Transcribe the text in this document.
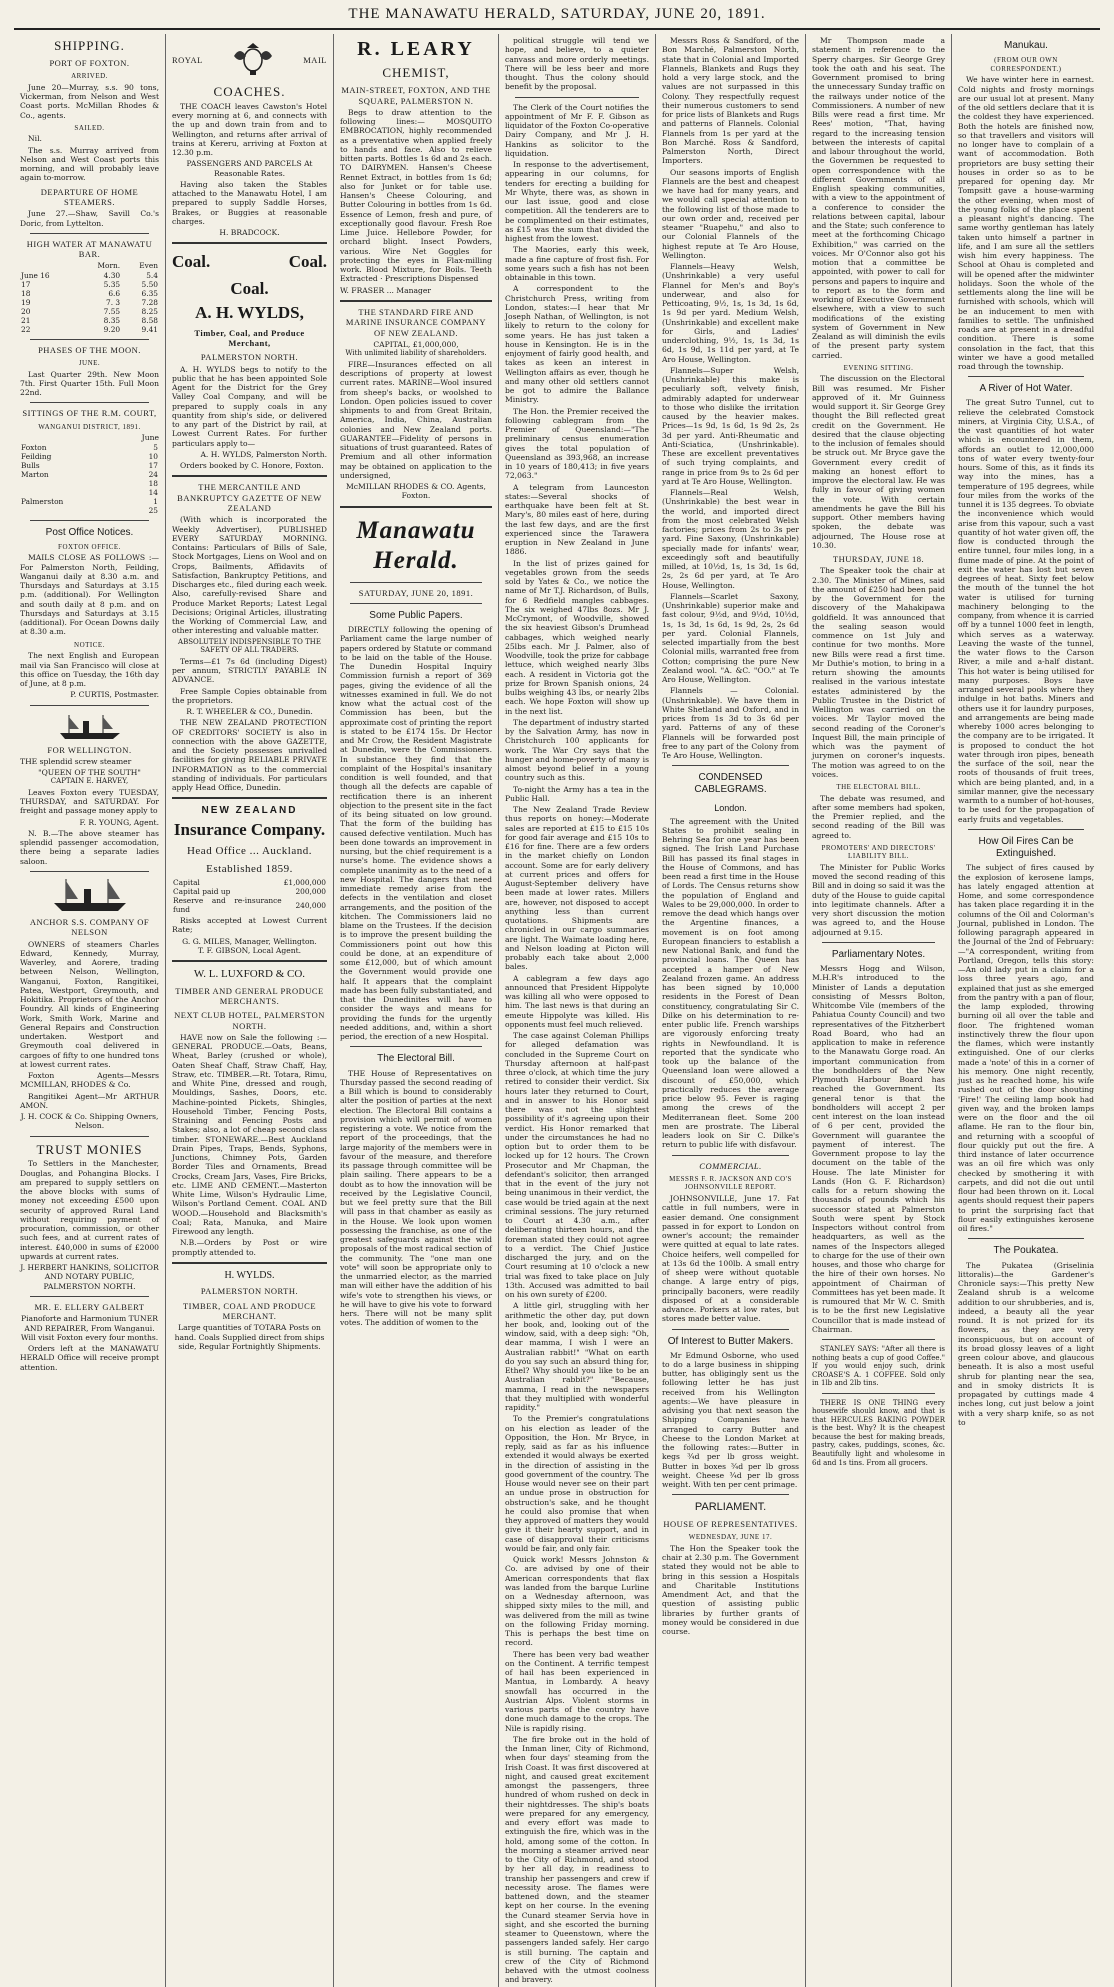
THE MANAWATU HERALD, SATURDAY, JUNE 20, 1891.
SHIPPING.
PORT OF FOXTON.
ARRIVED.

June 20—Murray, s.s. 90 tons, Vickerman, from Nelson and West Coast ports. McMillan Rhodes & Co., agents.

SAILED.

Nil.

The s.s. Murray arrived from Nelson and West Coast ports this morning, and will probably leave again to-morrow.

DEPARTURE OF HOME STEAMERS.

June 27.—Shaw, Savill Co.'s Doric, from Lyttelton.

HIGH WATER AT MANAWATU BAR.
	Morn.	Even
June 16	4.30	5.4
17	5.35	5.50
18	6.6	6.35
19	7. 3	7.28
20	7.55	8.25
21	8.35	8.58
22	9.20	9.41
PHASES OF THE MOON.
JUNE.

Last Quarter 29th. New Moon 7th. First Quarter 15th. Full Moon 22nd.

SITTINGS OF THE R.M. COURT,
WANGANUI DISTRICT, 1891.
June
Foxton	5
Feilding	10
Bulls	17
Marton	24
	18
	14
Palmerston	1
	25
Post Office Notices.
FOXTON OFFICE.

MAILS CLOSE AS FOLLOWS :— For Palmerston North, Feilding, Wanganui daily at 8.30 a.m. and Thursdays and Saturdays at 3.15 p.m. (additional). For Wellington and south daily at 8 p.m. and on Thursdays and Saturdays at 3.15 (additional). For Ocean Downs daily at 8.30 a.m.

NOTICE.

The next English and European mail via San Francisco will close at this office on Tuesday, the 16th day of June, at 8 p.m.

P. CURTIS, Postmaster.
FOR WELLINGTON.

THE splendid screw steamer

"QUEEN OF THE SOUTH"
CAPTAIN E. HARVEY,

Leaves Foxton every TUESDAY, THURSDAY, and SATURDAY. For freight and passage money apply to

F. R. YOUNG, Agent.

N. B.—The above steamer has splendid passenger accomodation, there being a separate ladies saloon.

ANCHOR S.S. COMPANY OF NELSON

OWNERS of steamers Charles Edward, Kennedy, Murray, Waverley, and Aorere, trading between Nelson, Wellington, Wanganui, Foxton, Rangitikei, Patea, Westport, Greymouth, and Hokitika. Proprietors of the Anchor Foundry. All kinds of Engineering Work, Smith Work, Marine and General Repairs and Construction undertaken. Westport and Greymouth coal delivered in cargoes of fifty to one hundred tons at lowest current rates.

Foxton Agents—Messrs MCMILLAN, RHODES & Co.

Rangitikei Agent—Mr ARTHUR AMON.

J. H. COCK & Co. Shipping Owners, Nelson.
TRUST MONIES

To Settlers in the Manchester, Douglas, and Pohangina Blocks. I am prepared to supply settlers on the above blocks with sums of money not exceeding £500 upon security of approved Rural Land without requiring payment of procuration, commission, or other such fees, and at current rates of interest. £40,000 in sums of £2000 upwards at current rates.

J. HERBERT HANKINS, SOLICITOR AND NOTARY PUBLIC, PALMERSTON NORTH.
MR. E. ELLERY GALBERT

Pianoforte and Harmonium TUNER AND REPAIRER, From Wanganui. Will visit Foxton every four months.

Orders left at the MANAWATU HERALD Office will receive prompt attention.

ROYAL	MAIL
COACHES.

THE COACH leaves Cawston's Hotel every morning at 6, and connects with the up and down train from and to Wellington, and returns after arrival of trains at Kereru, arriving at Foxton at 12.30 p.m.

PASSENGERS AND PARCELS At Reasonable Rates.

Having also taken the Stables attached to the Manawatu Hotel, I am prepared to supply Saddle Horses, Brakes, or Buggies at reasonable charges.

H. BRADCOCK.
Coal.	Coal.
Coal.
A. H. WYLDS,
Timber, Coal, and Produce Merchant,
PALMERSTON NORTH.

A. H. WYLDS begs to notify to the public that he has been appointed Sole Agent for the District for the Grey Valley Coal Company, and will be prepared to supply coals in any quantity from ship's side, or delivered to any part of the District by rail, at Lowest Current Rates. For further particulars apply to—

A. H. WYLDS, Palmerston North.

Orders booked by C. Honore, Foxton.

THE MERCANTILE AND BANKRUPTCY GAZETTE OF NEW ZEALAND

(With which is incorporated the Weekly Advertiser), PUBLISHED EVERY SATURDAY MORNING. Contains: Particulars of Bills of Sale, Stock Mortgages, Liens on Wool and on Crops, Bailments, Affidavits of Satisfaction, Bankruptcy Petitions, and Discharges etc., filed during each week. Also, carefully-revised Share and Produce Market Reports; Latest Legal Decisions; Original Articles, illustrating the Working of Commercial Law, and other interesting and valuable matter.

ABSOLUTELY INDISPENSIBLE TO THE SAFETY OF ALL TRADERS.

Terms—£1 7s 6d (including Digest) per annum, STRICTLY PAYABLE IN ADVANCE.

Free Sample Copies obtainable from the proprietors.

R. T. WHEELER & CO., Dunedin.

THE NEW ZEALAND PROTECTION OF CREDITORS' SOCIETY is also in connection with the above GAZETTE, and the Society possesses unrivalled facilities for giving RELIABLE PRIVATE INFORMATION as to the commercial standing of individuals. For particulars apply Head Office, Dunedin.

NEW ZEALAND
Insurance Company.
Head Office ... Auckland.
Established 1859.
Capital	£1,000,000
Capital paid up	200,000
Reserve and re-insurance fund	240,000

Risks accepted at Lowest Current Rate;

G. G. MILES, Manager, Wellington.
T. F. GIBSON, Local Agent.
W. L. LUXFORD & CO.
TIMBER AND GENERAL PRODUCE MERCHANTS.
NEXT CLUB HOTEL, PALMERSTON NORTH.

HAVE now on Sale the following :— GENERAL PRODUCE.—Oats, Beans, Wheat, Barley (crushed or whole), Oaten Sheaf Chaff, Straw Chaff, Hay, Straw, etc. TIMBER.—Rt. Totara, Rimu, and White Pine, dressed and rough, Mouldings, Sashes, Doors, etc. Machine-pointed Pickets, Shingles, Household Timber, Fencing Posts, Straining and Fencing Posts and Stakes; also, a lot of cheap second class timber. STONEWARE.—Best Auckland Drain Pipes, Traps, Bends, Syphons, Junctions, Chimney Pots, Garden Border Tiles and Ornaments, Bread Crocks, Cream Jars, Vases, Fire Bricks, etc. LIME AND CEMENT.—Masterton White Lime, Wilson's Hydraulic Lime, Wilson's Portland Cement. COAL AND WOOD.—Household and Blacksmith's Coal; Rata, Manuka, and Maire Firewood any length.

N.B.—Orders by Post or wire promptly attended to.

H. WYLDS.
PALMERSTON NORTH.
TIMBER, COAL AND PRODUCE MERCHANT.

Large quantities of TOTARA Posts on hand. Coals Supplied direct from ships side, Regular Fortnightly Shipments.

R. LEARY
CHEMIST,
MAIN-STREET, FOXTON, AND THE SQUARE, PALMERSTON N.

Begs to draw attention to the following lines:— MOSQUITO EMBROCATION, highly recommended as a preventative when applied freely to hands and face. Also to relieve bitten parts. Bottles 1s 6d and 2s each. TO DAIRYMEN. Hansen's Cheese Rennet Extract, in bottles from 1s 6d; also for Junket or for table use. Hansen's Cheese Colouring, and Butter Colouring in bottles from 1s 6d. Essence of Lemon, fresh and pure, of exceptionally good flavour. Fresh Roe Lime Juice. Hellebore Powder, for orchard blight. Insect Powders, various. Wire Net Goggles for protecting the eyes in Flax-milling work. Blood Mixture, for Boils. Teeth Extracted · Prescriptions Dispensed

W. FRASER ... Manager
THE STANDARD FIRE AND MARINE INSURANCE COMPANY OF NEW ZEALAND.
CAPITAL, £1,000,000,
With unlimited liability of shareholders.

FIRE—Insurances effected on all descriptions of property at lowest current rates. MARINE—Wool insured from sheep's backs, or woolshed to London. Open policies issued to cover shipments to and from Great Britain, America, India, China, Australian colonies and New Zealand ports. GUARANTEE—Fidelity of persons in situations of trust guaranteed. Rates of Premium and all other information may be obtained on application to the undersigned,

McMILLAN RHODES & CO. Agents, Foxton.
Manawatu Herald.
SATURDAY, JUNE 20, 1891.
Some Public Papers.

DIRECTLY following the opening of Parliament came the large number of papers ordered by Statute or command to be laid on the table of the House. The Dunedin Hospital Inquiry Commission furnish a report of 369 pages, giving the evidence of all the witnesses examined in full. We do not know what the actual cost of the Commission has been, but the approximate cost of printing the report is stated to be £174 15s. Dr Hector and Mr Crow, the Resident Magistrate at Dunedin, were the Commissioners. In substance they find that the complaint of the Hospital's insanitary condition is well founded, and that though all the defects are capable of rectification there is an inherent objection to the present site in the fact of its being situated on low ground. That the form of the building has caused defective ventilation. Much has been done towards an improvement in nursing, but the chief requirement is a nurse's home. The evidence shows a complete unanimity as to the need of a new Hospital. The dangers that need immediate remedy arise from the defects in the ventilation and closet arrangements, and the position of the kitchen. The Commissioners laid no blame on the Trustees. If the decision is to improve the present building the Commissioners point out how this could be done, at an expenditure of some £12,000, but of which amount the Government would provide one half. It appears that the complaint made has been fully substantiated, and that the Dunedinites will have to consider the ways and means for providing the funds for the urgently needed additions, and, within a short period, the erection of a new Hospital.

The Electoral Bill.

THE House of Representatives on Thursday passed the second reading of a Bill which is bound to considerably alter the position of parties at the next election. The Electoral Bill contains a provision which will permit of women registering a vote. We notice from the report of the proceedings, that the large majority of the members were in favour of the measure, and therefore its passage through committee will be plain sailing. There appears to be a doubt as to how the innovation will be received by the Legislative Council, but we feel pretty sure that the Bill will pass in that chamber as easily as in the House. We look upon women possessing the franchise, as one of the greatest safeguards against the wild proposals of the most radical section of the community. The "one man one vote" will soon be appropriate only to the unmarried elector, as the married man will either have the addition of his wife's vote to strengthen his views, or he will have to give his vote to forward hers. There will not be many split votes. The addition of women to the

political struggle will tend we hope, and believe, to a quieter canvass and more orderly meetings. There will be less beer and more thought. Thus the colony should benefit by the proposal.

The Clerk of the Court notifies the appointment of Mr F. F. Gibson as liquidator of the Foxton Co-operative Dairy Company, and Mr J. H. Hankins as solicitor to the liquidation.

In response to the advertisement, appearing in our columns, for tenders for erecting a building for Mr Whyte, there was, as shown in our last issue, good and close competition. All the tenderers are to be complimented on their estimates, as £15 was the sum that divided the highest from the lowest.

The Maories, early this week, made a fine capture of frost fish. For some years such a fish has not been obtainable in this town.

A correspondent to the Christchurch Press, writing from London, states:—I hear that Mr Joseph Nathan, of Wellington, is not likely to return to the colony for some years. He has just taken a house in Kensington. He is in the enjoyment of fairly good health, and takes as keen an interest in Wellington affairs as ever, though he and many other old settlers cannot be got to admire the Ballance Ministry.

The Hon. the Premier received the following cablegram from the Premier of Queensland:—"The preliminary census enumeration gives the total population of Queensland as 393,968, an increase in 10 years of 180,413; in five years 72,063."

A telegram from Launceston states:—Several shocks of earthquake have been felt at St. Mary's, 80 miles east of here, during the last few days, and are the first experienced since the Tarawera eruption in New Zealand in June 1886.

In the list of prizes gained for vegetables grown from the seeds sold by Yates & Co., we notice the name of Mr T.J. Richardson, of Bulls, for 6 Redfield mangles cabbages. The six weighed 47lbs 8ozs. Mr J. McCrymont, of Woodville, showed the six heaviest Gibson's Drumhead cabbages, which weighed nearly 25lbs each. Mr J. Palmer, also of Woodville, took the prize for cabbage lettuce, which weighed nearly 3lbs each. A resident in Victoria got the prize for Brown Spanish onions, 24 bulbs weighing 43 lbs, or nearly 2lbs each. We hope Foxton will show up in the next list.

The department of industry started by the Salvation Army, has now in Christchurch 100 applicants for work. The War Cry says that the hunger and home-poverty of many is almost beyond belief in a young country such as this.

To-night the Army has a tea in the Public Hall.

The New Zealand Trade Review thus reports on honey:—Moderate sales are reported at £15 to £15 10s for good fair average and £15 10s to £16 for fine. There are a few orders in the market chiefly on London account. Some are for early delivery at current prices and offers for August-September delivery have been made at lower rates. Millers are, however, not disposed to accept anything less than current quotations. Shipments are chronicled in our cargo summaries are light. The Waimate loading here, and Nelson loading at Picton will probably each take about 2,000 bales.

A cablegram a few days ago announced that President Hippolyte was killing all who were opposed to him. The last news is that during an emeute Hippolyte was killed. His opponents must feel much relieved.

The case against Coleman Phillips for alleged defamation was concluded in the Supreme Court on Thursday afternoon at half-past three o'clock, at which time the jury retired to consider their verdict. Six hours later they returned to Court, and in answer to his Honor said there was not the slightest possibility of it's agreeing upon their verdict. His Honor remarked that under the circumstances he had no option but to order them to be locked up for 12 hours. The Crown Prosecutor and Mr Chapman, the defendant's solicitor, then arranged that in the event of the jury not being unanimous in their verdict, the case would be tried again at the next criminal sessions. The jury returned to Court at 4.30 a.m., after deliberating thirteen hours, and the foreman stated they could not agree to a verdict. The Chief Justice discharged the jury, and on the Court resuming at 10 o'clock a new trial was fixed to take place on July 13th. Accused was admitted to bail on his own surety of £200.

A little girl, struggling with her arithmetic the other day, put down her book, and, looking out of the window, said, with a deep sigh: "Oh, dear mamma, I wish I were an Australian rabbit!" "What on earth do you say such an absurd thing for, Ethel? Why should you like to be an Australian rabbit?" "Because, mamma, I read in the newspapers that they multiplied with wonderful rapidity."

To the Premier's congratulations on his election as leader of the Opposition, the Hon. Mr Bryce, in reply, said as far as his influence extended it would always be exerted in the direction of assisting in the good government of the country. The House would never see on their part an undue prose in obstruction for obstruction's sake, and he thought he could also promise that when they approved of matters they would give it their hearty support, and in case of disapproval their criticisms would be fair, and only fair.

Quick work! Messrs Johnston & Co. are advised by one of their American correspondents that flax was landed from the barque Lurline on a Wednesday afternoon, was shipped sixty miles to the mill, and was delivered from the mill as twine on the following Friday morning. This is perhaps the best time on record.

There has been very bad weather on the Continent. A terrific tempest of hail has been experienced in Mantua, in Lombardy. A heavy snowfall has occurred in the Austrian Alps. Violent storms in various parts of the country have done much damage to the crops. The Nile is rapidly rising.

The fire broke out in the hold of the Inman liner, City of Richmond, when four days' steaming from the Irish Coast. It was first discovered at night, and caused great excitement amongst the passengers, three hundred of whom rushed on deck in their nightdresses. The ship's boats were prepared for any emergency, and every effort was made to extinguish the fire, which was in the hold, among some of the cotton. In the morning a steamer arrived near to the City of Richmond, and stood by her all day, in readiness to tranship her passengers and crew if necessity arose. The flames were battened down, and the steamer kept on her course. In the evening the Cunard steamer Servia hove in sight, and she escorted the burning steamer to Queenstown, where the passengers landed safely. Her cargo is still burning. The captain and crew of the City of Richmond behaved with the utmost coolness and bravery.

Messrs Ross & Sandford, of the Bon Marché, Palmerston North, state that in Colonial and Imported Flannels, Blankets and Rugs they hold a very large stock, and the values are not surpassed in this Colony. They respectfully request their numerous customers to send for price lists of Blankets and Rugs and patterns of Flannels. Colonial Flannels from 1s per yard at the Bon Marché. Ross & Sandford, Palmerston North, Direct Importers.

Our seasons imports of English Flannels are the best and cheapest we have had for many years, and we would call special attention to the following list of those made to our own order and, received per steamer "Ruapehu," and also to our Colonial Flannels of the highest repute at Te Aro House, Wellington.

Flannels—Heavy Welsh, (Unshrinkable) a very useful Flannel for Men's and Boy's underwear, and also for Petticoating, 9½, 1s, 1s 3d, 1s 6d, 1s 9d per yard. Medium Welsh, (Unshrinkable) and excellent make for Girls, and Ladies' underclothing, 9½, 1s, 1s 3d, 1s 6d, 1s 9d, 1s 11d per yard, at Te Aro House, Wellington.

Flannels—Super Welsh, (Unshrinkable) this make is peculiarly soft, velvety finish, admirably adapted for underwear to those who dislike the irritation caused by the heavier makes. Prices—1s 9d, 1s 6d, 1s 9d 2s, 2s 3d per yard. Anti-Rheumatic and Anti-Sciatica, (Unshrinkable). These are excellent preventatives of such trying complaints, and range in price from 9s to 2s 6d per yard at Te Aro House, Wellington.

Flannels—Real Welsh, (Unshrinkable) the best wear in the world, and imported direct from the most celebrated Welsh factories; prices from 2s to 3s per yard. Fine Saxony, (Unshrinkable) specially made for infants' wear, exceedingly soft and beautifully milled, at 10½d, 1s, 1s 3d, 1s 6d, 2s, 2s 6d per yard, at Te Aro House, Wellington.

Flannels—Scarlet Saxony, (Unshrinkable) superior make and fast colour, 9½d, and 9½d, 10½d, 1s, 1s 3d, 1s 6d, 1s 9d, 2s, 2s 6d per yard. Colonial Flannels, selected impartially from the best Colonial mills, warranted free from Cotton; comprising the pure New Zealand wool. "A. &C. "OO." at Te Aro House, Wellington.

Flannels — Colonial. (Unshrinkable). We have them in White Shetland and Oxford, and in prices from 1s 3d to 3s 6d per yard. Patterns of any of these Flannels will be forwarded post free to any part of the Colony from Te Aro House, Wellington.

CONDENSED CABLEGRAMS.
London.

The agreement with the United States to prohibit sealing in Behring Sea for one year has been signed. The Irish Land Purchase Bill has passed its final stages in the House of Commons, and has been read a first time in the House of Lords. The Census returns show the population of England and Wales to be 29,000,000. In order to remove the dead which hangs over the Argentine finances, a movement is on foot among European financiers to establish a new National Bank, and fund the provincial loans. The Queen has accepted a hamper of New Zealand frozen game. An address has been signed by 10,000 residents in the Forest of Dean constituency, congratulating Sir C. Dilke on his determination to re-enter public life. French warships are vigorously enforcing treaty rights in Newfoundland. It is reported that the syndicate who took up the balance of the Queensland loan were allowed a discount of £50,000, which practically reduces the average price below 95. Fever is raging among the crews of the Mediterranean fleet. Some 200 men are prostrate. The Liberal leaders look on Sir C. Dilke's return to public life with disfavour.

COMMERCIAL.
MESSRS F. R. JACKSON AND CO'S JOHNSONVILLE REPORT.

JOHNSONVILLE, June 17. Fat cattle in full numbers, were in easier demand. One consignment passed in for export to London on owner's account; the remainder were quitted at equal to late rates. Choice heifers, well compelled for at 13s 6d the 100lb. A small entry of sheep were without quotable change. A large entry of pigs, principally baconers, were readily disposed of at a considerable advance. Porkers at low rates, but stores made better value.

Of Interest to Butter Makers.

Mr Edmund Osborne, who used to do a large business in shipping butter, has obligingly sent us the following letter he has just received from his Wellington agents:—We have pleasure in advising you that next season the Shipping Companies have arranged to carry Butter and Cheese to the London Market at the following rates:—Butter in kegs ¾d per lb gross weight. Butter in boxes ¾d per lb gross weight. Cheese ¾d per lb gross weight. With ten per cent primage.

PARLIAMENT.
HOUSE OF REPRESENTATIVES.
WEDNESDAY, JUNE 17.

The Hon the Speaker took the chair at 2.30 p.m. The Government stated they would not be able to bring in this session a Hospitals and Charitable Institutions Amendment Act, and that the question of assisting public libraries by further grants of money would be considered in due course.

Mr Thompson made a statement in reference to the Sperry charges. Sir George Grey took the oath and his seat. The Government promised to bring the unnecessary Sunday traffic on the railways under notice of the Commissioners. A number of new Bills were read a first time. Mr Rees' motion, "That, having regard to the increasing tension between the interests of capital and labour throughout the world, the Governmen be requested to open correspondence with the different Governments of all English speaking communities, with a view to the appointment of a conference to consider the relations between capital, labour and the State; such conference to meet at the forthcoming Chicago Exhibition," was carried on the voices. Mr O'Connor also got his motion that a committee be appointed, with power to call for persons and papers to inquire and to report as to the form and working of Executive Government elsewhere, with a view to such modifications of the existing system of Government in New Zealand as will diminish the evils of the present party system carried.

EVENING SITTING.

The discussion on the Electoral Bill was resumed. Mr Fisher approved of it. Mr Guinness would support it. Sir George Grey thought the Bill reflected great credit on the Government. He desired that the clause objecting to the inclusion of females should be struck out. Mr Bryce gave the Government every credit of making an honest effort to improve the electoral law. He was fully in favour of giving women the vote. With certain amendments he gave the Bill his support. Other members having spoken, the debate was adjourned, The House rose at 10.30.

THURSDAY, JUNE 18.

The Speaker took the chair at 2.30. The Minister of Mines, said the amount of £250 had been paid by the Government for the discovery of the Mahakipawa goldfield. It was announced that the sealing season would commence on 1st July and continue for two months. More new Bills were read a first time. Mr Duthie's motion, to bring in a return showing the amounts realised in the various intestate estates administered by the Public Trustee in the District of Wellington was carried on the voices. Mr Taylor moved the second reading of the Coroner's Inquest Bill, the main principle of which was the payment of jurymen on coroner's inquests. The motion was agreed to on the voices.

THE ELECTORAL BILL.

The debate was resumed, and after some members had spoken, the Premier replied, and the second reading of the Bill was agreed to.

PROMOTERS' AND DIRECTORS' LIABILITY BILL.

The Minister for Public Works moved the second reading of this Bill and in doing so said it was the duty of the House to guide capital into legitimate channels. After a very short discussion the motion was agreed to, and the House adjourned at 9.15.

Parliamentary Notes.

Messrs Hogg and Wilson, M.H.R's introduced to the Minister of Lands a deputation consisting of Messrs Bolton, Whitcombe Vile (members of the Pahiatua County Council) and two representatives of the Fitzherbert Road Board, who had an application to make in reference to the Manawatu Gorge road. An important communication from the bondholders of the New Plymouth Harbour Board has reached the Government. Its general tenor is that the bondholders will accept 2 per cent interest on the loan instead of 6 per cent, provided the Government will guarantee the payment of interest. The Government propose to lay the document on the table of the House. The late Minister for Lands (Hon G. F. Richardson) calls for a return showing the thousands of pounds which his successor stated at Palmerston South were spent by Stock Inspectors without control from headquarters, as well as the names of the Inspectors alleged to charge for the use of their own houses, and those who charge for the hire of their own horses. No appointment of Chairman of Committees has yet been made. It is rumoured that Mr W. C. Smith is to be the first new Legislative Councillor that is made instead of Chairman.

STANLEY SAYS: "After all there is nothing beats a cup of good Coffee." If you would enjoy such, drink CROASE'S A. 1 COFFEE. Sold only in 1lb and 2lb tins.

THERE IS ONE THING every housewife should know, and that is that HERCULES BAKING POWDER is the best. Why? It is the cheapest because the best for making breads, pastry, cakes, puddings, scones, &c. Beautifully light and wholesome in 6d and 1s tins. From all grocers.

Manukau.
(FROM OUR OWN CORRESPONDENT.)

We have winter here in earnest. Cold nights and frosty mornings are our usual lot at present. Many of the old settlers declare that it is the coldest they have experienced. Both the hotels are finished now, so that travellers and visitors will no longer have to complain of a want of accommodation. Both proprietors are busy setting their houses in order so as to be prepared for opening day. Mr Tompsitt gave a house-warming the other evening, when most of the young folks of the place spent a pleasant night's dancing. The same worthy gentleman has lately taken unto himself a partner in life, and I am sure all the settlers wish him every happiness. The School at Ohau is completed and will be opened after the midwinter holidays. Soon the whole of the settlements along the line will be furnished with schools, which will be an inducement to men with families to settle. The unfinished roads are at present in a dreadful condition. There is some consolation in the fact, that this winter we have a good metalled road through the township.

A River of Hot Water.

The great Sutro Tunnel, cut to relieve the celebrated Comstock miners, at Virginia City, U.S.A., of the vast quantities of hot water which is encountered in them, affords an outlet to 12,000,000 tons of water every twenty-four hours. Some of this, as it finds its way into the mines, has a temperature of 195 degrees, while four miles from the works of the tunnel it is 135 degrees. To obviate the inconvenience which would arise from this vapour, such a vast quantity of hot water given off, the flow is conducted through the entire tunnel, four miles long, in a flume made of pine. At the point of exit the water has lost but seven degrees of heat. Sixty feet below the mouth of the tunnel the hot water is utilised for turning machinery belonging to the company, from whence it is carried off by a tunnel 1000 feet in length, which serves as a waterway. Leaving the waste of the tunnel, the water flows to the Carson River, a mile and a-half distant. This hot water is being utilised for many purposes. Boys have arranged several pools where they indulge in hot baths. Miners and others use it for laundry purposes, and arrangements are being made whereby 1000 acres belonging to the company are to be irrigated. It is proposed to conduct the hot water through iron pipes, beneath the surface of the soil, near the roots of thousands of fruit trees, which are being planted, and, in a similar manner, give the necessary warmth to a number of hot-houses, to be used for the propagation of early fruits and vegetables.

How Oil Fires Can be Extinguished.

The subject of fires caused by the explosion of kerosene lamps, has lately engaged attention at Home, and some correspondence has taken place regarding it in the columns of the Oil and Colorman's Journal, published in London. The following paragraph appeared in the Journal of the 2nd of February:—"A correspondent, writing from Portland, Oregon, tells this story:—An old lady put in a claim for a loss three years ago, and explained that just as she emerged from the pantry with a pan of flour, the lamp exploded, throwing burning oil all over the table and floor. The frightened woman instinctively threw the flour upon the flames, which were instantly extinguished. One of our clerks made a 'note' of this in a corner of his memory. One night recently, just as he reached home, his wife rushed out of the door shouting 'Fire!' The ceiling lamp book had given way, and the broken lamps were on the floor and the oil aflame. He ran to the flour bin, and returning with a scoopful of flour quickly put out the fire. A third instance of later occurrence was an oil fire which was only checked by smothering it with carpets, and did not die out until flour had been thrown on it. Local agents should request their papers to print the surprising fact that flour easily extinguishes kerosene oil fires."

The Poukatea.

The Pukatea (Griselinia littoralis)—the Gardener's Chronicle says:—This pretty New Zealand shrub is a welcome addition to our shrubberies, and is, indeed, a beauty all the year round. It is not prized for its flowers, as they are very inconspicuous, but on account of its broad glossy leaves of a light green colour above, and glaucous beneath. It is also a most useful shrub for planting near the sea, and in smoky districts It is propagated by cuttings made 4 inches long, cut just below a joint with a very sharp knife, so as not to
